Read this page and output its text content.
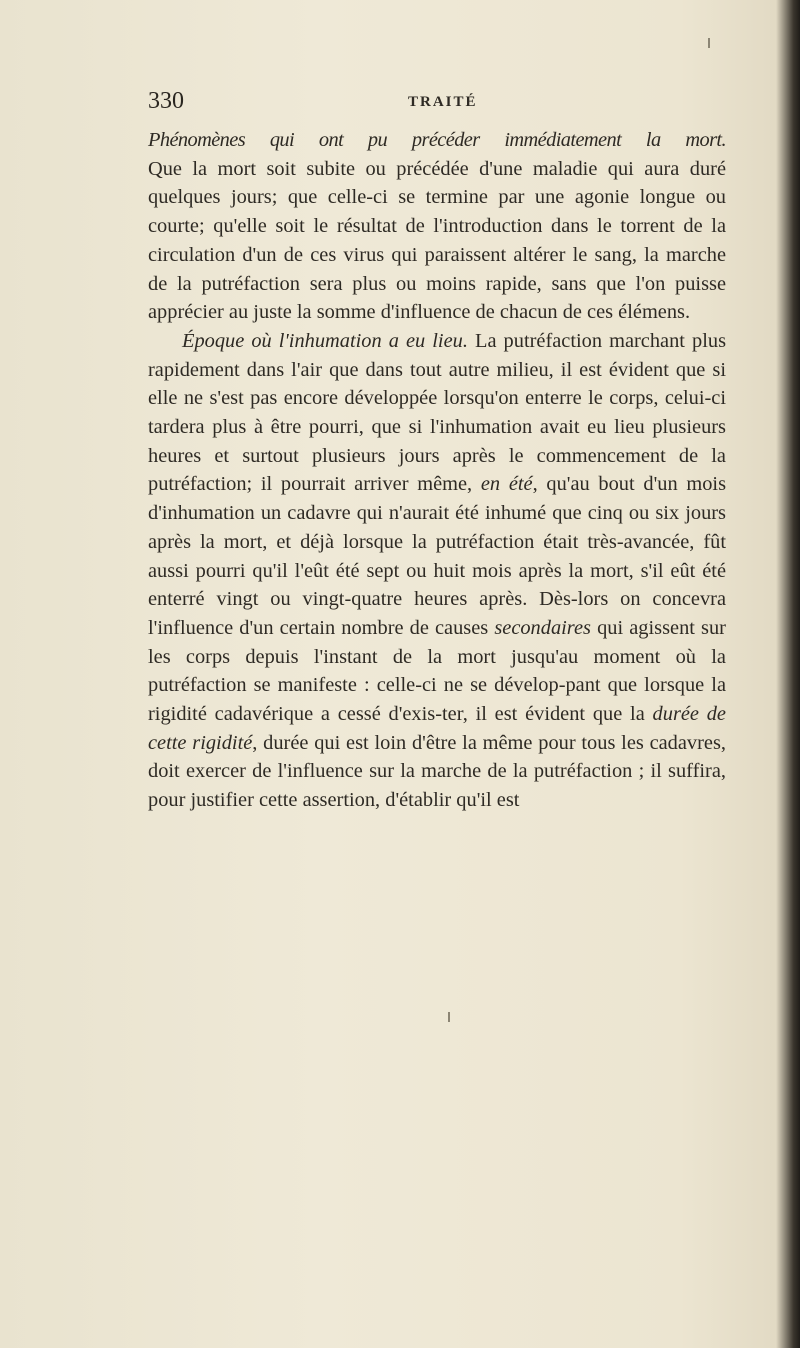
330	TRAITÉ

Phénomènes qui ont pu précéder immédiatement la mort.
Que la mort soit subite ou précédée d'une maladie qui aura duré quelques jours; que celle-ci se termine par une agonie longue ou courte; qu'elle soit le résultat de l'introduction dans le torrent de la circulation d'un de ces virus qui paraissent altérer le sang, la marche de la putréfaction sera plus ou moins rapide, sans que l'on puisse apprécier au juste la somme d'influence de chacun de ces élémens.

Époque où l'inhumation a eu lieu. La putréfaction marchant plus rapidement dans l'air que dans tout autre milieu, il est évident que si elle ne s'est pas encore développée lorsqu'on enterre le corps, celui-ci tardera plus à être pourri, que si l'inhumation avait eu lieu plusieurs heures et surtout plusieurs jours après le commencement de la putréfaction; il pourrait arriver même, en été, qu'au bout d'un mois d'inhumation un cadavre qui n'aurait été inhumé que cinq ou six jours après la mort, et déjà lorsque la putréfaction était très-avancée, fût aussi pourri qu'il l'eût été sept ou huit mois après la mort, s'il eût été enterré vingt ou vingt-quatre heures après. Dès-lors on concevra l'influence d'un certain nombre de causes secondaires qui agissent sur les corps depuis l'instant de la mort jusqu'au moment où la putréfaction se manifeste : celle-ci ne se dévelop-pant que lorsque la rigidité cadavérique a cessé d'exis-ter, il est évident que la durée de cette rigidité, durée qui est loin d'être la même pour tous les cadavres, doit exercer de l'influence sur la marche de la putréfaction ; il suffira, pour justifier cette assertion, d'établir qu'il est
